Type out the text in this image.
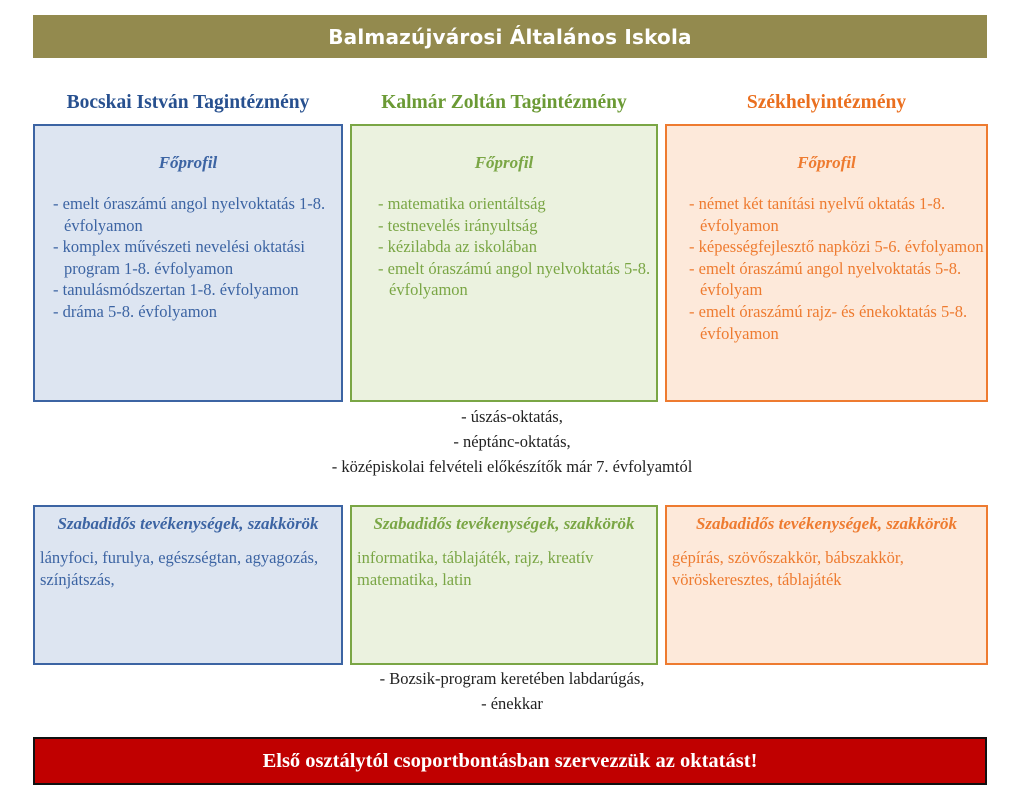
Balmazújvárosi Általános Iskola
Bocskai István Tagintézmény	Kalmár Zoltán Tagintézmény	Székhelyintézmény
Főprofil
- emelt óraszámú angol nyelvoktatás 1-8. évfolyamon
- komplex művészeti nevelési oktatási program 1-8. évfolyamon
- tanulásmódszertan 1-8. évfolyamon
- dráma 5-8. évfolyamon
Főprofil
- matematika orientáltság
- testnevelés irányultság
- kézilabda az iskolában
- emelt óraszámú angol nyelvoktatás 5-8. évfolyamon
Főprofil
- német két tanítási nyelvű oktatás 1-8. évfolyamon
- képességfejlesztő napközi 5-6. évfolyamon
- emelt óraszámú angol nyelvoktatás 5-8. évfolyam
- emelt óraszámú rajz- és énekoktatás 5-8. évfolyamon
- úszás-oktatás,
- néptánc-oktatás,
- középiskolai felvételi előkészítők már 7. évfolyamtól
Szabadidős tevékenységek, szakkörök

lányfoci, furulya, egészségtan, agyagozás, színjátszás,

Szabadidős tevékenységek, szakkörök

informatika, táblajáték, rajz, kreatív matematika, latin

Szabadidős tevékenységek, szakkörök

gépírás, szövőszakkör, bábszakkör, vöröskeresztes, táblajáték

- Bozsik-program keretében labdarúgás,
- énekkar
Első osztálytól csoportbontásban szervezzük az oktatást!
